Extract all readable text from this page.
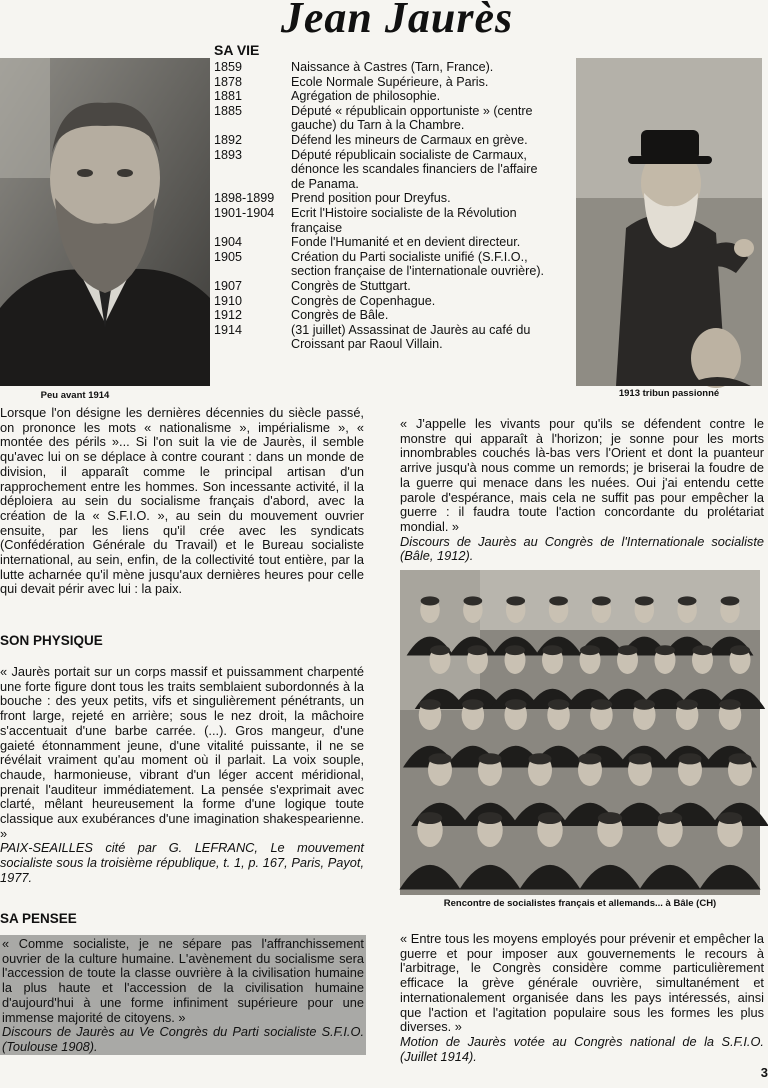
Jean Jaurès
Peu avant 1914
SA VIE
1859	Naissance à Castres (Tarn, France).
1878	Ecole Normale Supérieure, à Paris.
1881	Agrégation de philosophie.
1885	Député « républicain opportuniste » (centre gauche) du Tarn à la Chambre.
1892	Défend les mineurs de Carmaux en grève.
1893	Député républicain socialiste de Carmaux, dénonce les scandales financiers de l'affaire de Panama.
1898-1899	Prend position pour Dreyfus.
1901-1904	Ecrit l'Histoire socialiste de la Révolution française
1904	Fonde l'Humanité et en devient directeur.
1905	Création du Parti socialiste unifié (S.F.I.O., section française de l'internationale ouvrière).
1907	Congrès de Stuttgart.
1910	Congrès de Copenhague.
1912	Congrès de Bâle.
1914	(31 juillet) Assassinat de Jaurès au café du Croissant par Raoul Villain.
1913 tribun passionné

Lorsque l'on désigne les dernières décennies du siècle passé, on prononce les mots « nationalisme », impérialisme », « montée des périls »... Si l'on suit la vie de Jaurès, il semble qu'avec lui on se déplace à contre courant : dans un monde de division, il apparaît comme le principal artisan d'un rapprochement entre les hommes. Son incessante activité, il la déploiera au sein du socialisme français d'abord, avec la création de la « S.F.I.O. », au sein du mouvement ouvrier ensuite, par les liens qu'il crée avec les syndicats (Confédération Générale du Travail) et le Bureau socialiste international, au sein, enfin, de la collectivité tout entière, par la lutte acharnée qu'il mène jusqu'aux dernières heures pour celle qui devait périr avec lui : la paix.

SON PHYSIQUE

« Jaurès portait sur un corps massif et puissamment charpenté une forte figure dont tous les traits semblaient subordonnés à la bouche : des yeux petits, vifs et singulièrement pénétrants, un front large, rejeté en arrière; sous le nez droit, la mâchoire s'accentuait d'une barbe carrée. (...). Gros mangeur, d'une gaieté étonnamment jeune, d'une vitalité puissante, il ne se révélait vraiment qu'au moment où il parlait. La voix souple, chaude, harmonieuse, vibrant d'un léger accent méridional, prenait l'auditeur immédiatement. La pensée s'exprimait avec clarté, mêlant heureusement la forme d'une logique toute classique aux exubérances d'une imagination shakespearienne. »

PAIX-SEAILLES cité par G. LEFRANC, Le mouvement socialiste sous la troisième république, t. 1, p. 167, Paris, Payot, 1977.

SA PENSEE

« Comme socialiste, je ne sépare pas l'affranchissement ouvrier de la culture humaine. L'avènement du socialisme sera l'accession de toute la classe ouvrière à la civilisation humaine la plus haute et l'accession de la civilisation humaine d'aujourd'hui à une forme infiniment supérieure pour une immense majorité de citoyens. »

Discours de Jaurès au Ve Congrès du Parti socialiste S.F.I.O. (Toulouse 1908).

« J'appelle les vivants pour qu'ils se défendent contre le monstre qui apparaît à l'horizon; je sonne pour les morts innombrables couchés là-bas vers l'Orient et dont la puanteur arrive jusqu'à nous comme un remords; je briserai la foudre de la guerre qui menace dans les nuées. Oui j'ai entendu cette parole d'espérance, mais cela ne suffit pas pour empêcher la guerre : il faudra toute l'action concordante du prolétariat mondial. »

Discours de Jaurès au Congrès de l'Internationale socialiste (Bâle, 1912).

Rencontre de socialistes français et allemands... à Bâle (CH)

« Entre tous les moyens employés pour prévenir et empêcher la guerre et pour imposer aux gouvernements le recours à l'arbitrage, le Congrès considère comme particulièrement efficace la grève générale ouvrière, simultanément et internationalement organisée dans les pays intéressés, ainsi que l'action et l'agitation populaire sous les formes les plus diverses. »

Motion de Jaurès votée au Congrès national de la S.F.I.O. (Juillet 1914).

3
